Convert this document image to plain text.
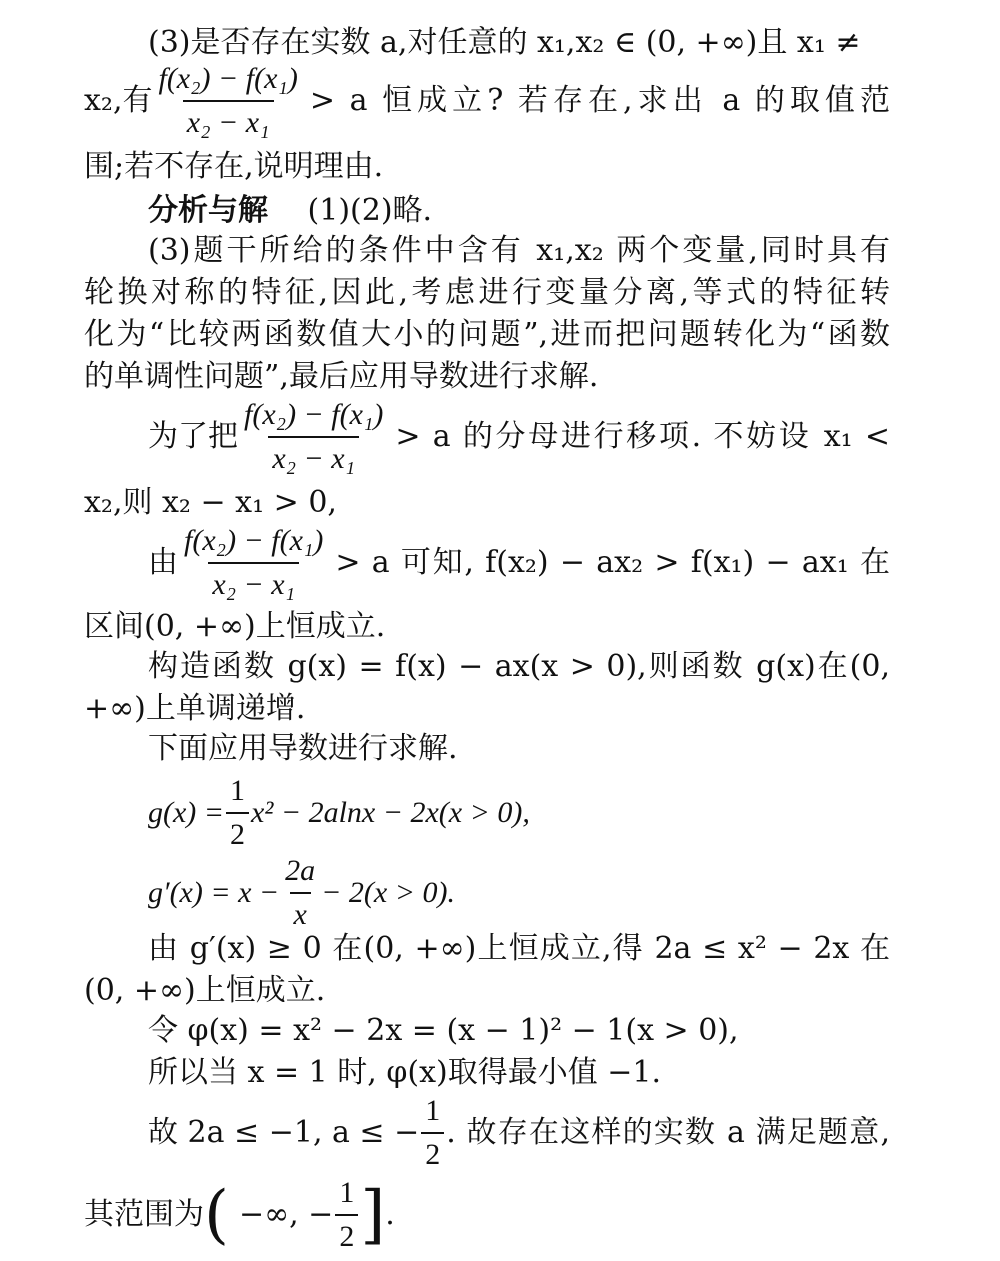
(3)是否存在实数 a,对任意的 x₁,x₂ ∈ (0, +∞)且 x₁ ≠
x₂,有 $\frac{\text{f(x₂) − f(x₁)}}{\text{x₂ − x₁}} > a$ 恒成立? 若存在,求出 a 的取值范
围;若不存在,说明理由.
分析与解 (1)(2)略.
(3)题干所给的条件中含有 x₁,x₂ 两个变量,同时具有
轮换对称的特征,因此,考虑进行变量分离,等式的特征转
化为“比较两函数值大小的问题”,进而把问题转化为“函数
的单调性问题”,最后应用导数进行求解.
为了把 $\frac{\text{f(x₂) − f(x₁)}}{\text{x₂ − x₁}} > a$ 的分母进行移项. 不妨设 x₁ <
x₂,则 x₂ − x₁ > 0,
由 $\frac{\text{f(x₂) − f(x₁)}}{\text{x₂ − x₁}} > a$ 可知, f(x₂) − ax₂ > f(x₁) − ax₁ 在
区间(0, +∞)上恒成立.
构造函数 g(x) = f(x) − ax(x > 0),则函数 g(x)在(0,
+∞)上单调递增.
下面应用导数进行求解.
$g(x) = \frac{1}{2} x^2 - 2alnx - 2x(x > 0)$,
$g'(x) = x - \frac{2a}{x} - 2(x > 0)$.
由 g′(x) ≥ 0 在(0, +∞)上恒成立,得 2a ≤ x² − 2x 在
(0, +∞)上恒成立.
令 φ(x) = x² − 2x = (x − 1)² − 1(x > 0),
所以当 x = 1 时, φ(x)取得最小值 −1.
故 2a ≤ −1, a ≤ − $\frac{1}{2}$ . 故存在这样的实数 a 满足题意,
其范围为 ( −∞, − $\frac{1}{2}$ ] .
